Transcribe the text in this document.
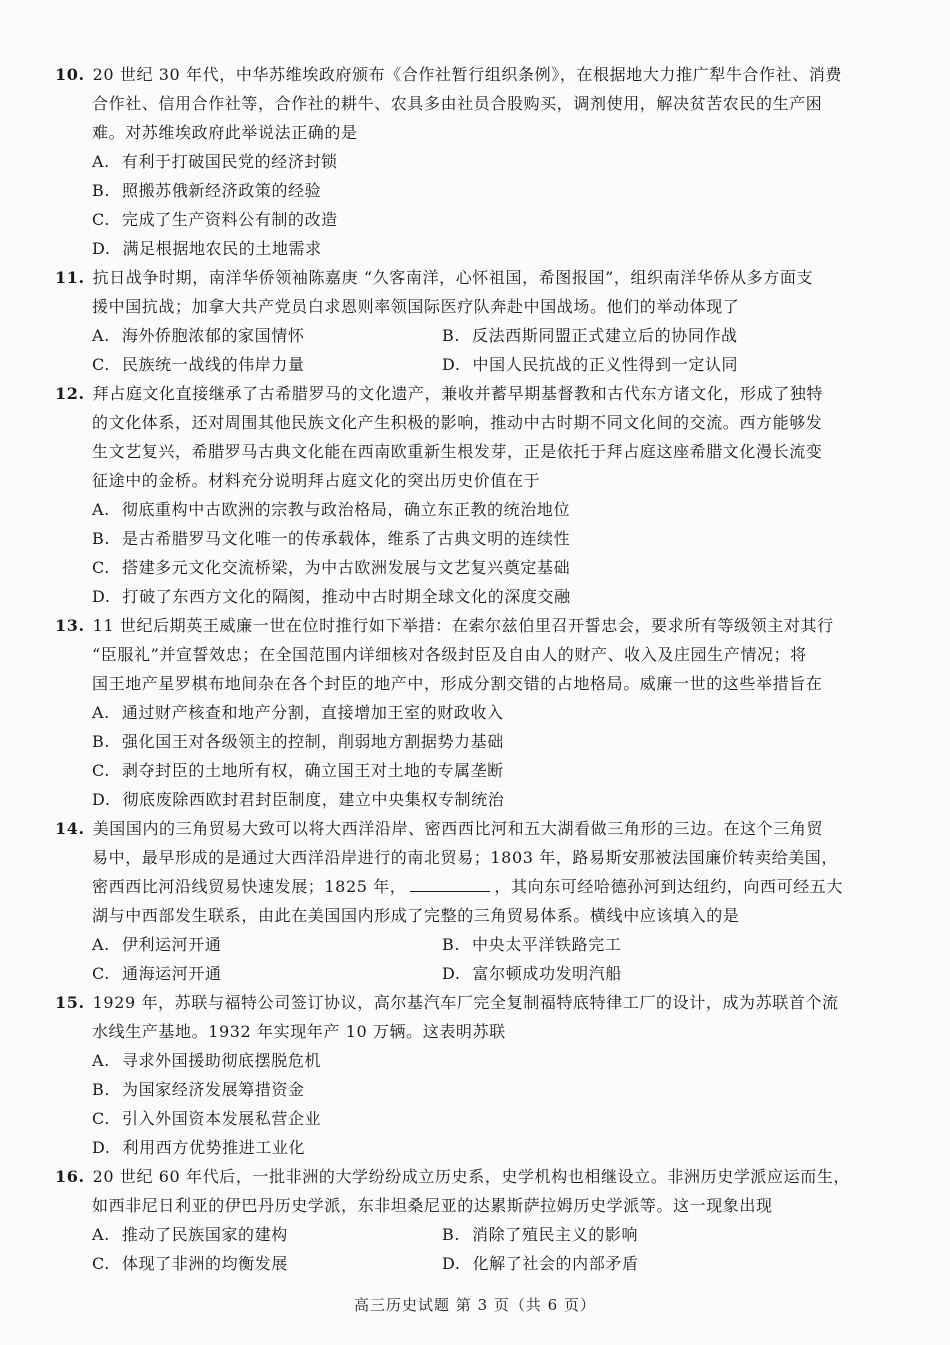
10. 20 世纪 30 年代，中华苏维埃政府颁布《合作社暂行组织条例》，在根据地大力推广犁牛合作社、消费
合作社、信用合作社等，合作社的耕牛、农具多由社员合股购买，调剂使用，解决贫苦农民的生产困
难。对苏维埃政府此举说法正确的是
A. 有利于打破国民党的经济封锁
B. 照搬苏俄新经济政策的经验
C. 完成了生产资料公有制的改造
D. 满足根据地农民的土地需求
11. 抗日战争时期，南洋华侨领袖陈嘉庚 “久客南洋，心怀祖国，希图报国”，组织南洋华侨从多方面支
援中国抗战；加拿大共产党员白求恩则率领国际医疗队奔赴中国战场。他们的举动体现了
A. 海外侨胞浓郁的家国情怀	B. 反法西斯同盟正式建立后的协同作战
C. 民族统一战线的伟岸力量	D. 中国人民抗战的正义性得到一定认同
12. 拜占庭文化直接继承了古希腊罗马的文化遗产，兼收并蓄早期基督教和古代东方诸文化，形成了独特
的文化体系，还对周围其他民族文化产生积极的影响，推动中古时期不同文化间的交流。西方能够发
生文艺复兴，希腊罗马古典文化能在西南欧重新生根发芽，正是依托于拜占庭这座希腊文化漫长流变
征途中的金桥。材料充分说明拜占庭文化的突出历史价值在于
A. 彻底重构中古欧洲的宗教与政治格局，确立东正教的统治地位
B. 是古希腊罗马文化唯一的传承载体，维系了古典文明的连续性
C. 搭建多元文化交流桥梁，为中古欧洲发展与文艺复兴奠定基础
D. 打破了东西方文化的隔阂，推动中古时期全球文化的深度交融
13. 11 世纪后期英王威廉一世在位时推行如下举措：在索尔兹伯里召开誓忠会，要求所有等级领主对其行
“臣服礼”并宣誓效忠；在全国范围内详细核对各级封臣及自由人的财产、收入及庄园生产情况；将
国王地产星罗棋布地间杂在各个封臣的地产中，形成分割交错的占地格局。威廉一世的这些举措旨在
A. 通过财产核查和地产分割，直接增加王室的财政收入
B. 强化国王对各级领主的控制，削弱地方割据势力基础
C. 剥夺封臣的土地所有权，确立国王对土地的专属垄断
D. 彻底废除西欧封君封臣制度，建立中央集权专制统治
14. 美国国内的三角贸易大致可以将大西洋沿岸、密西西比河和五大湖看做三角形的三边。在这个三角贸
易中，最早形成的是通过大西洋沿岸进行的南北贸易；1803 年，路易斯安那被法国廉价转卖给美国，
密西西比河沿线贸易快速发展；1825 年，	，其向东可经哈德孙河到达纽约，向西可经五大
湖与中西部发生联系，由此在美国国内形成了完整的三角贸易体系。横线中应该填入的是
A. 伊利运河开通	B. 中央太平洋铁路完工
C. 通海运河开通	D. 富尔顿成功发明汽船
15. 1929 年，苏联与福特公司签订协议，高尔基汽车厂完全复制福特底特律工厂的设计，成为苏联首个流
水线生产基地。1932 年实现年产 10 万辆。这表明苏联
A. 寻求外国援助彻底摆脱危机
B. 为国家经济发展筹措资金
C. 引入外国资本发展私营企业
D. 利用西方优势推进工业化
16. 20 世纪 60 年代后，一批非洲的大学纷纷成立历史系，史学机构也相继设立。非洲历史学派应运而生，
如西非尼日利亚的伊巴丹历史学派，东非坦桑尼亚的达累斯萨拉姆历史学派等。这一现象出现
A. 推动了民族国家的建构	B. 消除了殖民主义的影响
C. 体现了非洲的均衡发展	D. 化解了社会的内部矛盾
高三历史试题 第 3 页（共 6 页）
